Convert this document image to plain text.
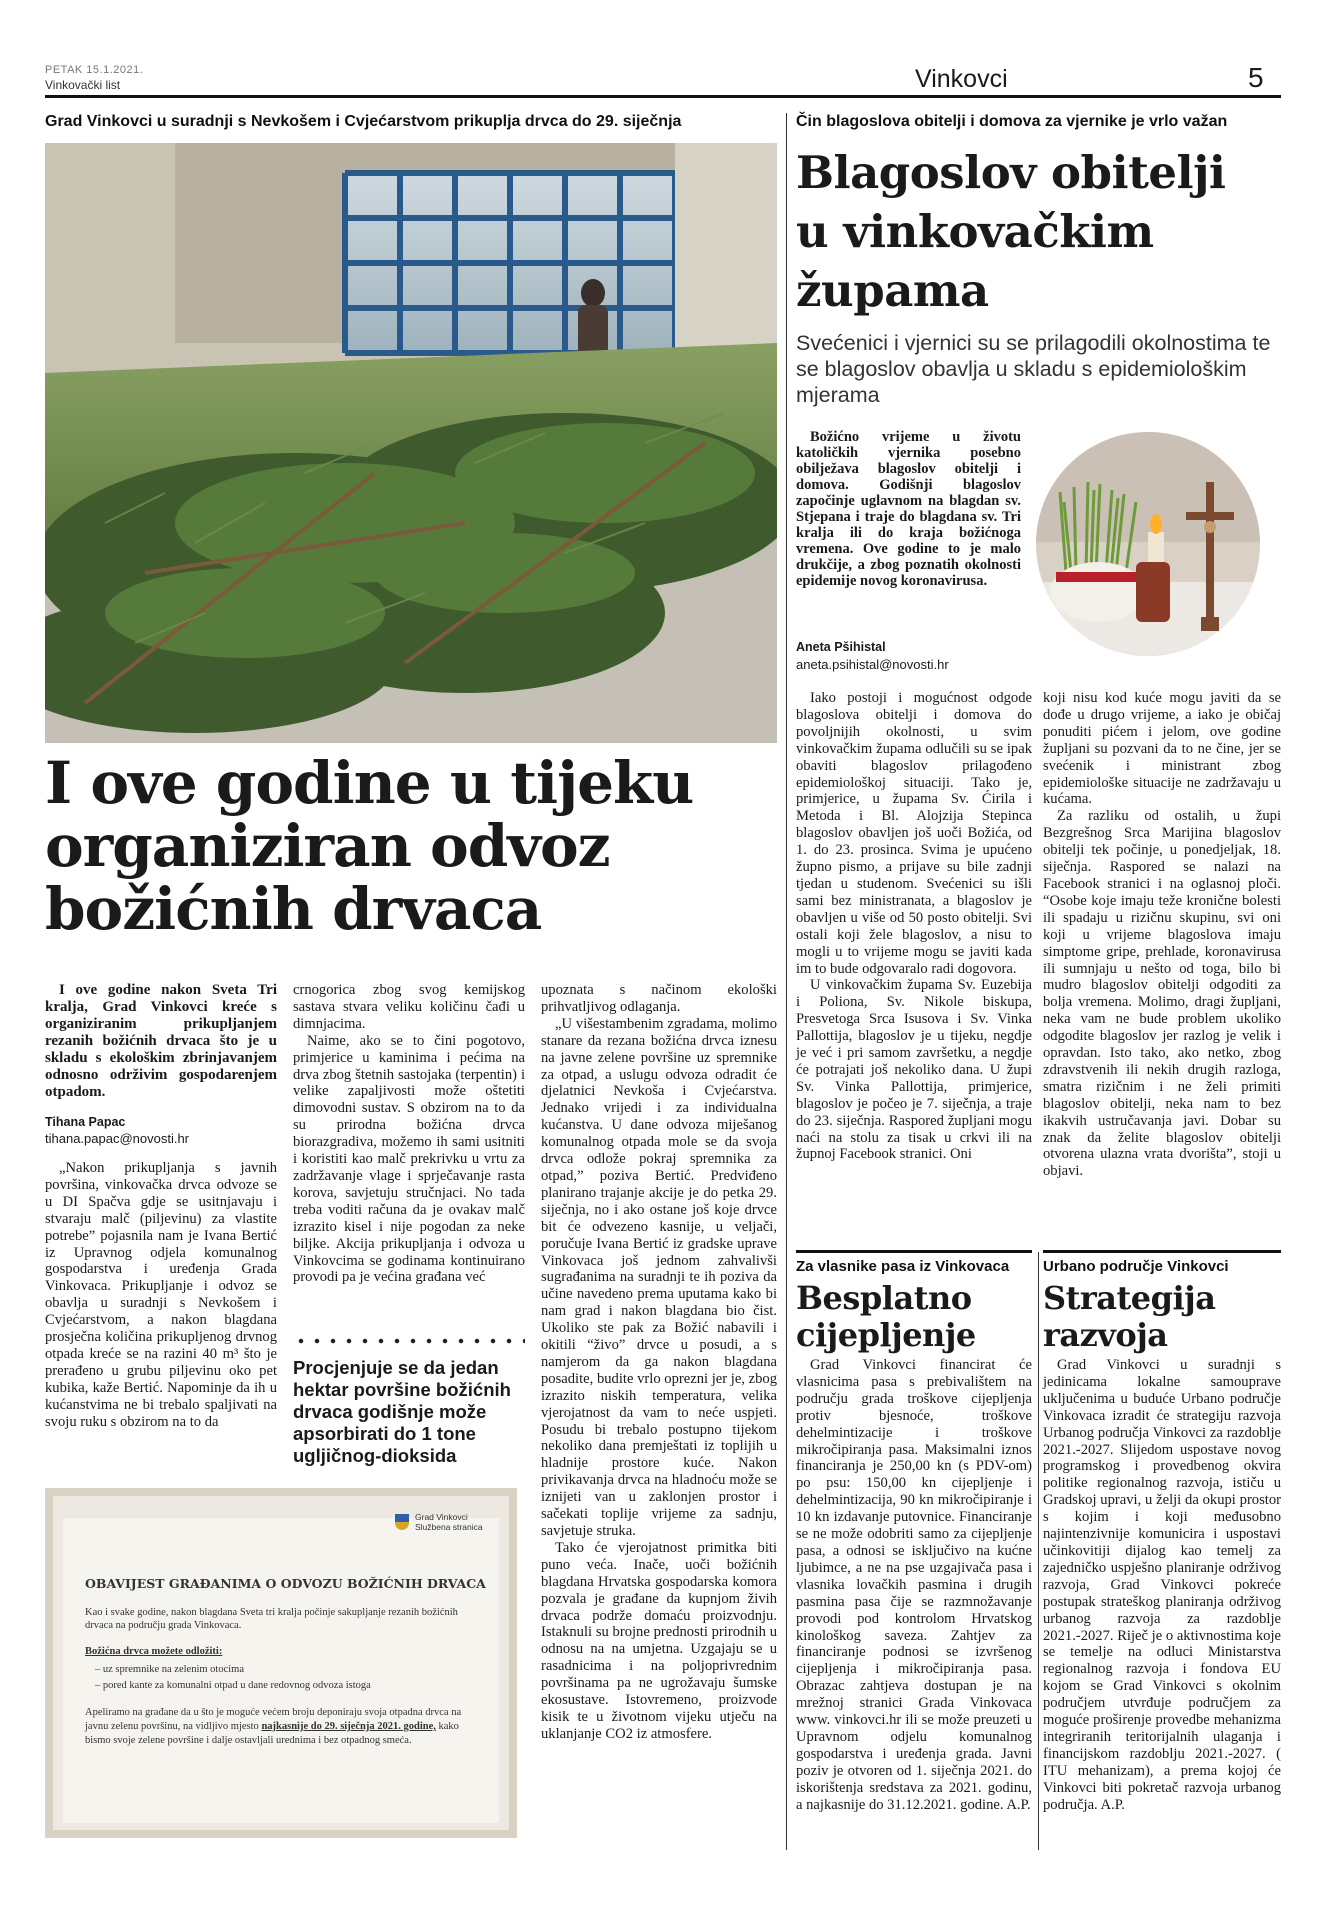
PETAK 15.1.2021.
Vinkovački list	Vinkovci	5
Grad Vinkovci u suradnji s Nevkošem i Cvjećarstvom prikuplja drvca do 29. siječnja
I ove godine u tijeku
organiziran odvoz
božićnih drvaca
I ove godine nakon Sveta Tri kralja, Grad Vinkovci kreće s organiziranim prikupljanjem rezanih božićnih drvaca što je u skladu s ekološkim zbrinjavanjem odnosno održivim gospodarenjem otpadom.
Tihana Papac
tihana.papac@novosti.hr

„Nakon prikupljanja s javnih površina, vinkovačka drvca odvoze se u DI Spačva gdje se usitnjavaju i stvaraju malč (piljevinu) za vlastite potrebe” pojasnila nam je Ivana Bertić iz Upravnog odjela komunalnog gospodarstva i uređenja Grada Vinkovaca. Prikupljanje i odvoz se obavlja u suradnji s Nevkošem i Cvjećarstvom, a nakon blagdana prosječna količina prikupljenog drvnog otpada kreće se na razini 40 m³ što je prerađeno u grubu piljevinu oko pet kubika, kaže Bertić. Napominje da ih u kućanstvima ne bi trebalo spaljivati na svoju ruku s obzirom na to da

crnogorica zbog svog kemijskog sastava stvara veliku količinu čađi u dimnjacima.

Naime, ako se to čini pogotovo, primjerice u kaminima i pećima na drva zbog štetnih sastojaka (terpentin) i velike zapaljivosti može oštetiti dimovodni sustav. S obzirom na to da su prirodna božićna drvca biorazgradiva, možemo ih sami usitniti i koristiti kao malč prekrivku u vrtu za zadržavanje vlage i sprječavanje rasta korova, savjetuju stručnjaci. No tada treba voditi računa da je ovakav malč izrazito kisel i nije pogodan za neke biljke. Akcija prikupljanja i odvoza u Vinkovcima se godinama kontinuirano provodi pa je većina građana već

Procjenjuje se da jedan hektar površine božićnih drvaca godišnje može apsorbirati do 1 tone ugljičnog-dioksida

upoznata s načinom ekološki prihvatljivog odlaganja.

„U višestambenim zgradama, molimo stanare da rezana božićna drvca iznesu na javne zelene površine uz spremnike za otpad, a uslugu odvoza odradit će djelatnici Nevkoša i Cvjećarstva. Jednako vrijedi i za individualna kućanstva. U dane odvoza miješanog komunalnog otpada mole se da svoja drvca odlože pokraj spremnika za otpad,” poziva Bertić. Predviđeno planirano trajanje akcije je do petka 29. siječnja, no i ako ostane još koje drvce bit će odvezeno kasnije, u veljači, poručuje Ivana Bertić iz gradske uprave Vinkovaca još jednom zahvalivši sugrađanima na suradnji te ih poziva da učine navedeno prema uputama kako bi nam grad i nakon blagdana bio čist. Ukoliko ste pak za Božić nabavili i okitili “živo” drvce u posudi, a s namjerom da ga nakon blagdana posadite, budite vrlo oprezni jer je, zbog izrazito niskih temperatura, velika vjerojatnost da vam to neće uspjeti. Posudu bi trebalo postupno tijekom nekoliko dana premještati iz toplijih u hladnije prostore kuće. Nakon privikavanja drvca na hladnoću može se iznijeti van u zaklonjen prostor i sačekati toplije vrijeme za sadnju, savjetuje struka.

Tako će vjerojatnost primitka biti puno veća. Inače, uoči božićnih blagdana Hrvatska gospodarska komora pozvala je građane da kupnjom živih drvaca podrže domaću proizvodnju. Istaknuli su brojne prednosti prirodnih u odnosu na na umjetna. Uzgajaju se u rasadnicima i na poljoprivrednim površinama pa ne ugrožavaju šumske ekosustave. Istovremeno, proizvode kisik te u životnom vijeku utječu na uklanjanje CO2 iz atmosfere.

Grad Vinkovci
Službena stranica
OBAVIJEST GRAĐANIMA O ODVOZU BOŽIĆNIH DRVACA
Kao i svake godine, nakon blagdana Sveta tri kralja počinje sakupljanje rezanih božićnih drvaca na području grada Vinkovaca.
Božićna drvca možete odložiti:
– uz spremnike na zelenim otocima
– pored kante za komunalni otpad u dane redovnog odvoza istoga
Apeliramo na građane da u što je moguće većem broju deponiraju svoja otpadna drvca na javnu zelenu površinu, na vidljivo mjesto najkasnije do 29. siječnja 2021. godine, kako bismo svoje zelene površine i dalje ostavljali urednima i bez otpadnog smeća.
Čin blagoslova obitelji i domova za vjernike je vrlo važan
Blagoslov obitelji
u vinkovačkim
župama
Svećenici i vjernici su se prilagodili okolnostima te se blagoslov obavlja u skladu s epidemiološkim mjerama
Božićno vrijeme u životu katoličkih vjernika posebno obilježava blagoslov obitelji i domova. Godišnji blagoslov započinje uglavnom na blagdan sv. Stjepana i traje do blagdana sv. Tri kralja ili do kraja božićnoga vremena. Ove godine to je malo drukčije, a zbog poznatih okolnosti epidemije novog koronavirusa.
Aneta Pšihistal
aneta.psihistal@novosti.hr

Iako postoji i mogućnost odgode blagoslova obitelji i domova do povoljnijih okolnosti, u svim vinkovačkim župama odlučili su se ipak obaviti blagoslov prilagođeno epidemiološkoj situaciji. Tako je, primjerice, u župama Sv. Ćirila i Metoda i Bl. Alojzija Stepinca blagoslov obavljen još uoči Božića, od 1. do 23. prosinca. Svima je upućeno župno pismo, a prijave su bile zadnji tjedan u studenom. Svećenici su išli sami bez ministranata, a blagoslov je obavljen u više od 50 posto obitelji. Svi ostali koji žele blagoslov, a nisu to mogli u to vrijeme mogu se javiti kada im to bude odgovaralo radi dogovora.

U vinkovačkim župama Sv. Euzebija i Poliona, Sv. Nikole biskupa, Presvetoga Srca Isusova i Sv. Vinka Pallottija, blagoslov je u tijeku, negdje je već i pri samom završetku, a negdje će potrajati još nekoliko dana. U župi Sv. Vinka Pallottija, primjerice, blagoslov je počeo je 7. siječnja, a traje do 23. siječnja. Raspored župljani mogu naći na stolu za tisak u crkvi ili na župnoj Facebook stranici. Oni

koji nisu kod kuće mogu javiti da se dođe u drugo vrijeme, a iako je običaj ponuditi pićem i jelom, ove godine župljani su pozvani da to ne čine, jer se svećenik i ministrant zbog epidemiološke situacije ne zadržavaju u kućama.

Za razliku od ostalih, u župi Bezgrešnog Srca Marijina blagoslov obitelji tek počinje, u ponedjeljak, 18. siječnja. Raspored se nalazi na Facebook stranici i na oglasnoj ploči. “Osobe koje imaju teže kronične bolesti ili spadaju u rizičnu skupinu, svi oni koji u vrijeme blagoslova imaju simptome gripe, prehlade, koronavirusa ili sumnjaju u nešto od toga, bilo bi mudro blagoslov obitelji odgoditi za bolja vremena. Molimo, dragi župljani, neka vam ne bude problem ukoliko odgodite blagoslov jer razlog je velik i opravdan. Isto tako, ako netko, zbog zdravstvenih ili nekih drugih razloga, smatra rizičnim i ne želi primiti blagoslov obitelji, neka nam to bez ikakvih ustručavanja javi. Dobar su znak da želite blagoslov obitelji otvorena ulazna vrata dvorišta”, stoji u objavi.

Za vlasnike pasa iz Vinkovaca
Besplatno
cijepljenje

Grad Vinkovci financirat će vlasnicima pasa s prebivalištem na području grada troškove cijepljenja protiv bjesnoće, troškove dehelmintizacije i troškove mikročipiranja pasa. Maksimalni iznos financiranja je 250,00 kn (s PDV-om) po psu: 150,00 kn cijepljenje i dehelmintizacija, 90 kn mikročipiranje i 10 kn izdavanje putovnice. Financiranje se ne može odobriti samo za cijepljenje pasa, a odnosi se isključivo na kućne ljubimce, a ne na pse uzgajivača pasa i vlasnika lovačkih pasmina i drugih pasmina pasa čije se razmnožavanje provodi pod kontrolom Hrvatskog kinološkog saveza. Zahtjev za financiranje podnosi se izvršenog cijepljenja i mikročipiranja pasa. Obrazac zahtjeva dostupan je na mrežnoj stranici Grada Vinkovaca www. vinkovci.hr ili se može preuzeti u Upravnom odjelu komunalnog gospodarstva i uređenja grada. Javni poziv je otvoren od 1. siječnja 2021. do iskorištenja sredstava za 2021. godinu, a najkasnije do 31.12.2021. godine. A.P.

Urbano područje Vinkovci
Strategija
razvoja

Grad Vinkovci u suradnji s jedinicama lokalne samouprave uključenima u buduće Urbano područje Vinkovaca izradit će strategiju razvoja Urbanog područja Vinkovci za razdoblje 2021.-2027. Slijedom uspostave novog programskog i provedbenog okvira politike regionalnog razvoja, ističu u Gradskoj upravi, u želji da okupi prostor s kojim i koji međusobno najintenzivnije komunicira i uspostavi učinkovitiji dijalog kao temelj za zajedničko uspješno planiranje održivog razvoja, Grad Vinkovci pokreće postupak strateškog planiranja održivog urbanog razvoja za razdoblje 2021.-2027. Riječ je o aktivnostima koje se temelje na odluci Ministarstva regionalnog razvoja i fondova EU kojom se Grad Vinkovci s okolnim područjem utvrđuje područjem za moguće proširenje provedbe mehanizma integriranih teritorijalnih ulaganja i financijskom razdoblju 2021.-2027. ( ITU mehanizam), a prema kojoj će Vinkovci biti pokretač razvoja urbanog područja. A.P.
